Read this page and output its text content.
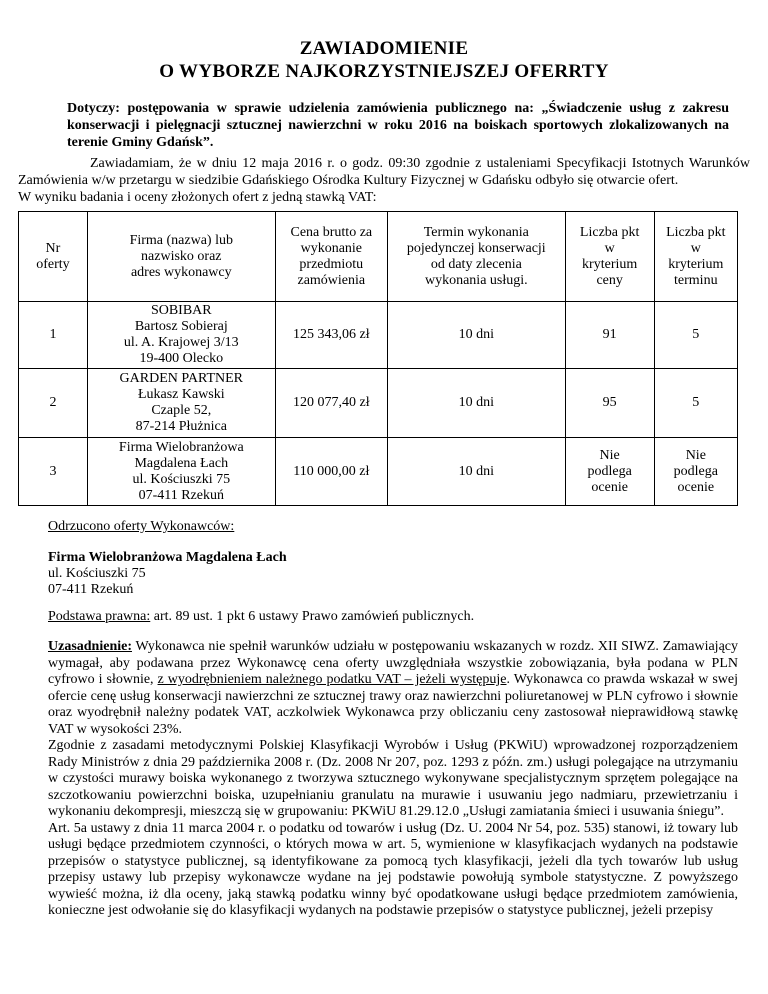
ZAWIADOMIENIE
O WYBORZE NAJKORZYSTNIEJSZEJ OFERRTY
Dotyczy: postępowania w sprawie udzielenia zamówienia publicznego na: „Świadczenie usług z zakresu konserwacji i pielęgnacji sztucznej nawierzchni w roku 2016 na boiskach sportowych zlokalizowanych na terenie Gminy Gdańsk”.
Zawiadamiam, że w dniu 12 maja 2016 r. o godz. 09:30 zgodnie z ustaleniami Specyfikacji Istotnych Warunków Zamówienia w/w przetargu w siedzibie Gdańskiego Ośrodka Kultury Fizycznej w Gdańsku odbyło się otwarcie ofert.
W wyniku badania i oceny złożonych ofert z jedną stawką VAT:
Nr
oferty	Firma (nazwa) lub
nazwisko oraz
adres wykonawcy	Cena brutto za
wykonanie
przedmiotu
zamówienia	Termin wykonania
pojedynczej konserwacji
od daty zlecenia
wykonania usługi.	Liczba pkt
w
kryterium
ceny	Liczba pkt
w
kryterium
terminu

1	SOBIBAR
Bartosz Sobieraj
ul. A. Krajowej 3/13
19-400 Olecko	125 343,06 zł	10 dni	91	5
2	GARDEN PARTNER
Łukasz Kawski
Czaple 52,
87-214 Płużnica	120 077,40 zł	10 dni	95	5
3	Firma Wielobranżowa
Magdalena Łach
ul. Kościuszki 75
07-411 Rzekuń	110 000,00 zł	10 dni	Nie
podlega
ocenie	Nie
podlega
ocenie
Odrzucono oferty Wykonawców:
Firma Wielobranżowa Magdalena Łach
ul. Kościuszki 75
07-411 Rzekuń
Podstawa prawna: art. 89 ust. 1 pkt 6 ustawy Prawo zamówień publicznych.

Uzasadnienie: Wykonawca nie spełnił warunków udziału w postępowaniu wskazanych w rozdz. XII SIWZ. Zamawiający wymagał, aby podawana przez Wykonawcę cena oferty uwzględniała wszystkie zobowiązania, była podana w PLN cyfrowo i słownie, z wyodrębnieniem należnego podatku VAT – jeżeli występuje. Wykonawca co prawda wskazał w swej ofercie cenę usług konserwacji nawierzchni ze sztucznej trawy oraz nawierzchni poliuretanowej w PLN cyfrowo i słownie oraz wyodrębnił należny podatek VAT, aczkolwiek Wykonawca przy obliczaniu ceny zastosował nieprawidłową stawkę VAT w wysokości 23%.

Zgodnie z zasadami metodycznymi Polskiej Klasyfikacji Wyrobów i Usług (PKWiU) wprowadzonej rozporządzeniem Rady Ministrów z dnia 29 października 2008 r. (Dz. 2008 Nr 207, poz. 1293 z późn. zm.) usługi polegające na utrzymaniu w czystości murawy boiska wykonanego z tworzywa sztucznego wykonywane specjalistycznym sprzętem polegające na szczotkowaniu powierzchni boiska, uzupełnianiu granulatu na murawie i usuwaniu jego nadmiaru, przewietrzaniu i wykonaniu dekompresji, mieszczą się w grupowaniu: PKWiU 81.29.12.0 „Usługi zamiatania śmieci i usuwania śniegu”.

Art. 5a ustawy z dnia 11 marca 2004 r. o podatku od towarów i usług (Dz. U. 2004 Nr 54, poz. 535) stanowi, iż towary lub usługi będące przedmiotem czynności, o których mowa w art. 5, wymienione w klasyfikacjach wydanych na podstawie przepisów o statystyce publicznej, są identyfikowane za pomocą tych klasyfikacji, jeżeli dla tych towarów lub usług przepisy ustawy lub przepisy wykonawcze wydane na jej podstawie powołują symbole statystyczne. Z powyższego wywieść można, iż dla oceny, jaką stawką podatku winny być opodatkowane usługi będące przedmiotem zamówienia, konieczne jest odwołanie się do klasyfikacji wydanych na podstawie przepisów o statystyce publicznej, jeżeli przepisy
